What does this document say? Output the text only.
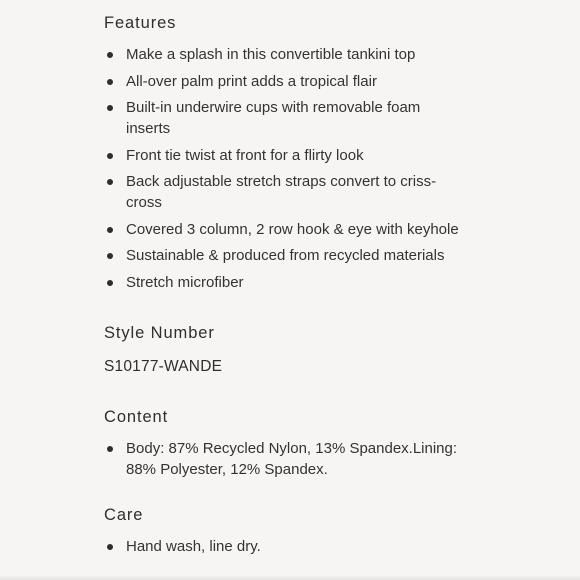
Features
Make a splash in this convertible tankini top
All-over palm print adds a tropical flair
Built-in underwire cups with removable foam inserts
Front tie twist at front for a flirty look
Back adjustable stretch straps convert to criss-cross
Covered 3 column, 2 row hook & eye with keyhole
Sustainable & produced from recycled materials
Stretch microfiber
Style Number

S10177-WANDE

Content
Body: 87% Recycled Nylon, 13% Spandex.Lining: 88% Polyester, 12% Spandex.
Care
Hand wash, line dry.
